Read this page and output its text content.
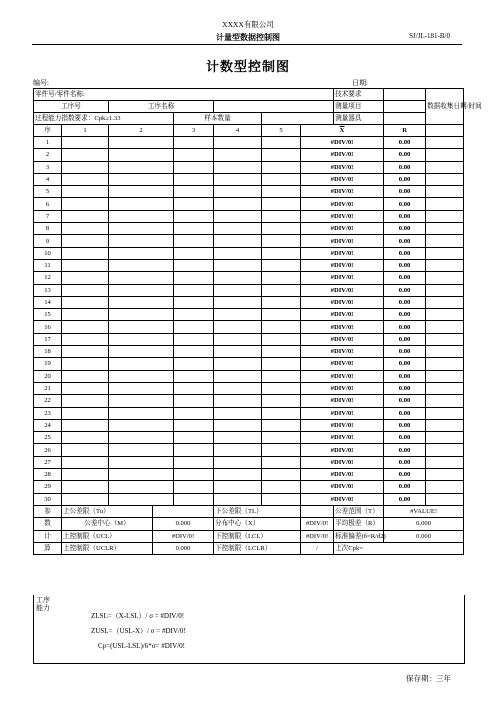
XXXX有限公司
计量型数据控制图	SJ/JL-181-B/0
计数型控制图
编号:	日期:
零件号/零件名称:								技术要求		数据收集日期/时间
工序号		工序名称						测量项目		
过程能力指数要求：Cpk≥1.33				样本数量				测量器具		
序	1	2		3	4	5	$\overline{X}$		R	
1							#DIV/0!		0.00	
2							#DIV/0!		0.00	
3							#DIV/0!		0.00	
4							#DIV/0!		0.00	
5							#DIV/0!		0.00	
6							#DIV/0!		0.00	
7							#DIV/0!		0.00	
8							#DIV/0!		0.00	
9							#DIV/0!		0.00	
10							#DIV/0!		0.00	
11							#DIV/0!		0.00	
12							#DIV/0!		0.00	
13							#DIV/0!		0.00	
14							#DIV/0!		0.00	
15							#DIV/0!		0.00	
16							#DIV/0!		0.00	
17							#DIV/0!		0.00	
18							#DIV/0!		0.00	
19							#DIV/0!		0.00	
20							#DIV/0!		0.00	
21							#DIV/0!		0.00	
22							#DIV/0!		0.00	
23							#DIV/0!		0.00	
24							#DIV/0!		0.00	
25							#DIV/0!		0.00	
26							#DIV/0!		0.00	
27							#DIV/0!		0.00	
28							#DIV/0!		0.00	
29							#DIV/0!		0.00	
30							#DIV/0!		0.00	
参	上公差限（Tu）				下公差限（TL）			公差范围（T）	#VALUE!	
数	公差中心（M）		0.000		分布中心（X）		#DIV/0!	平均极差（R）	0.000	
计	上控制限（UCL）		#DIV/0!		下控制限（LCL）		#DIV/0!	标准偏差(б=R/d2)	0.000	
算	上控制限（UCLR）		0.000		下控制限（LCLR）		/	上次Cpk=		
工序能力
ZLSL=（X-LSL）/ σ = #DIV/0!
ZUSL=（USL-X）/ σ = #DIV/0!
Cp=(USL-LSL)/6*σ= #DIV/0!
保存期：三年
